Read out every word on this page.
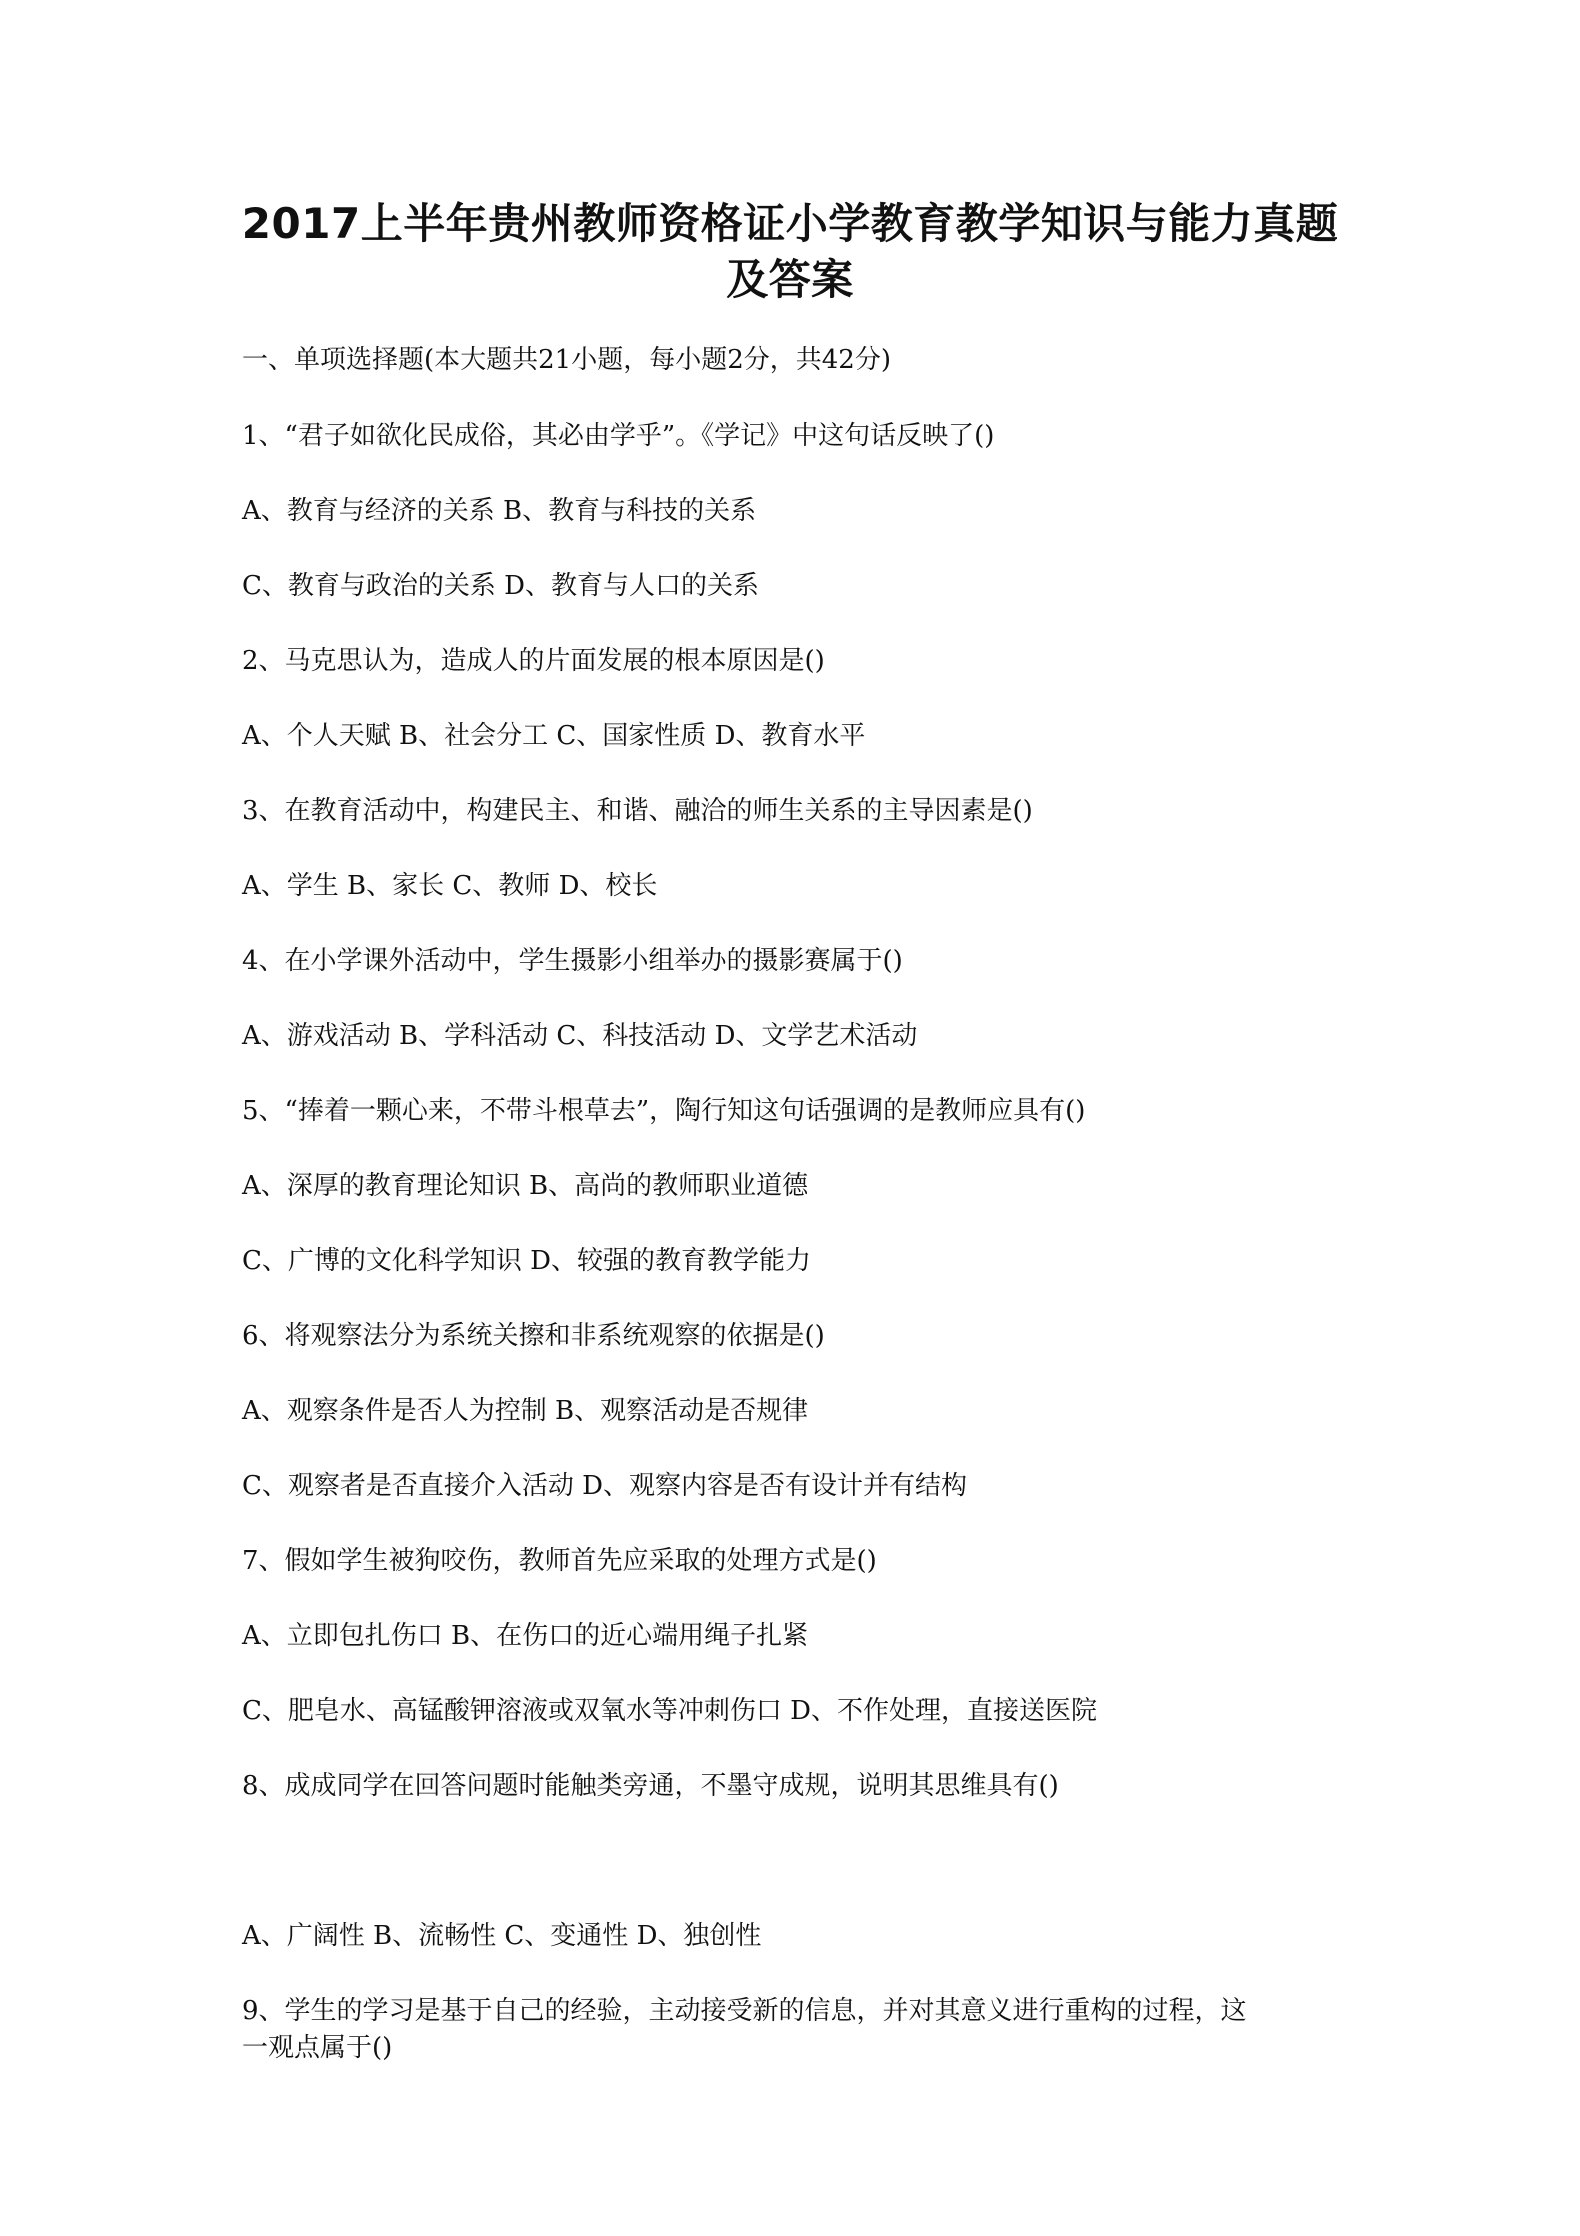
2017上半年贵州教师资格证小学教育教学知识与能力真题
及答案
一、单项选择题(本大题共21小题，每小题2分，共42分)
1、“君子如欲化民成俗，其必由学乎”。《学记》中这句话反映了()
A、教育与经济的关系 B、教育与科技的关系
C、教育与政治的关系 D、教育与人口的关系
2、马克思认为，造成人的片面发展的根本原因是()
A、个人天赋 B、社会分工 C、国家性质 D、教育水平
3、在教育活动中，构建民主、和谐、融洽的师生关系的主导因素是()
A、学生 B、家长 C、教师 D、校长
4、在小学课外活动中，学生摄影小组举办的摄影赛属于()
A、游戏活动 B、学科活动 C、科技活动 D、文学艺术活动
5、“捧着一颗心来，不带斗根草去”，陶行知这句话强调的是教师应具有()
A、深厚的教育理论知识 B、高尚的教师职业道德
C、广博的文化科学知识 D、较强的教育教学能力
6、将观察法分为系统关擦和非系统观察的依据是()
A、观察条件是否人为控制 B、观察活动是否规律
C、观察者是否直接介入活动 D、观察内容是否有设计并有结构
7、假如学生被狗咬伤，教师首先应采取的处理方式是()
A、立即包扎伤口 B、在伤口的近心端用绳子扎紧
C、肥皂水、高锰酸钾溶液或双氧水等冲刺伤口 D、不作处理，直接送医院
8、成成同学在回答问题时能触类旁通，不墨守成规，说明其思维具有()
A、广阔性 B、流畅性 C、变通性 D、独创性
9、学生的学习是基于自己的经验，主动接受新的信息，并对其意义进行重构的过程，这
一观点属于()
